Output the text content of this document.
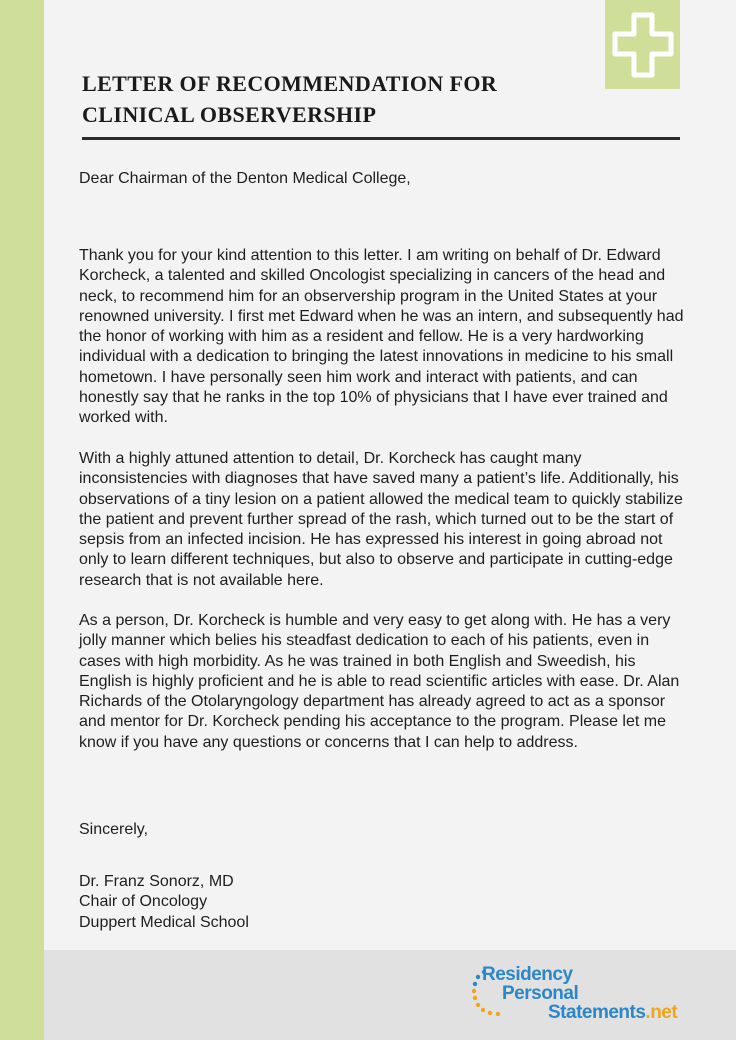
LETTER OF RECOMMENDATION FOR
CLINICAL OBSERVERSHIP

Dear Chairman of the Denton Medical College,

Thank you for your kind attention to this letter. I am writing on behalf of Dr. Edward Korcheck, a talented and skilled Oncologist specializing in cancers of the head and neck, to recommend him for an observership program in the United States at your renowned university. I first met Edward when he was an intern, and subsequently had the honor of working with him as a resident and fellow. He is a very hardworking individual with a dedication to bringing the latest innovations in medicine to his small hometown. I have personally seen him work and interact with patients, and can honestly say that he ranks in the top 10% of physicians that I have ever trained and worked with.

With a highly attuned attention to detail, Dr. Korcheck has caught many inconsistencies with diagnoses that have saved many a patient’s life. Additionally, his observations of a tiny lesion on a patient allowed the medical team to quickly stabilize the patient and prevent further spread of the rash, which turned out to be the start of sepsis from an infected incision. He has expressed his interest in going abroad not only to learn different techniques, but also to observe and participate in cutting-edge research that is not available here.

As a person, Dr. Korcheck is humble and very easy to get along with. He has a very jolly manner which belies his steadfast dedication to each of his patients, even in cases with high morbidity. As he was trained in both English and Sweedish, his English is highly proficient and he is able to read scientific articles with ease. Dr. Alan Richards of the Otolaryngology department has already agreed to act as a sponsor and mentor for Dr. Korcheck pending his acceptance to the program. Please let me know if you have any questions or concerns that I can help to address.

Sincerely,

Dr. Franz Sonorz, MD
Chair of Oncology
Duppert Medical School
Residency
Personal
Statements.net
